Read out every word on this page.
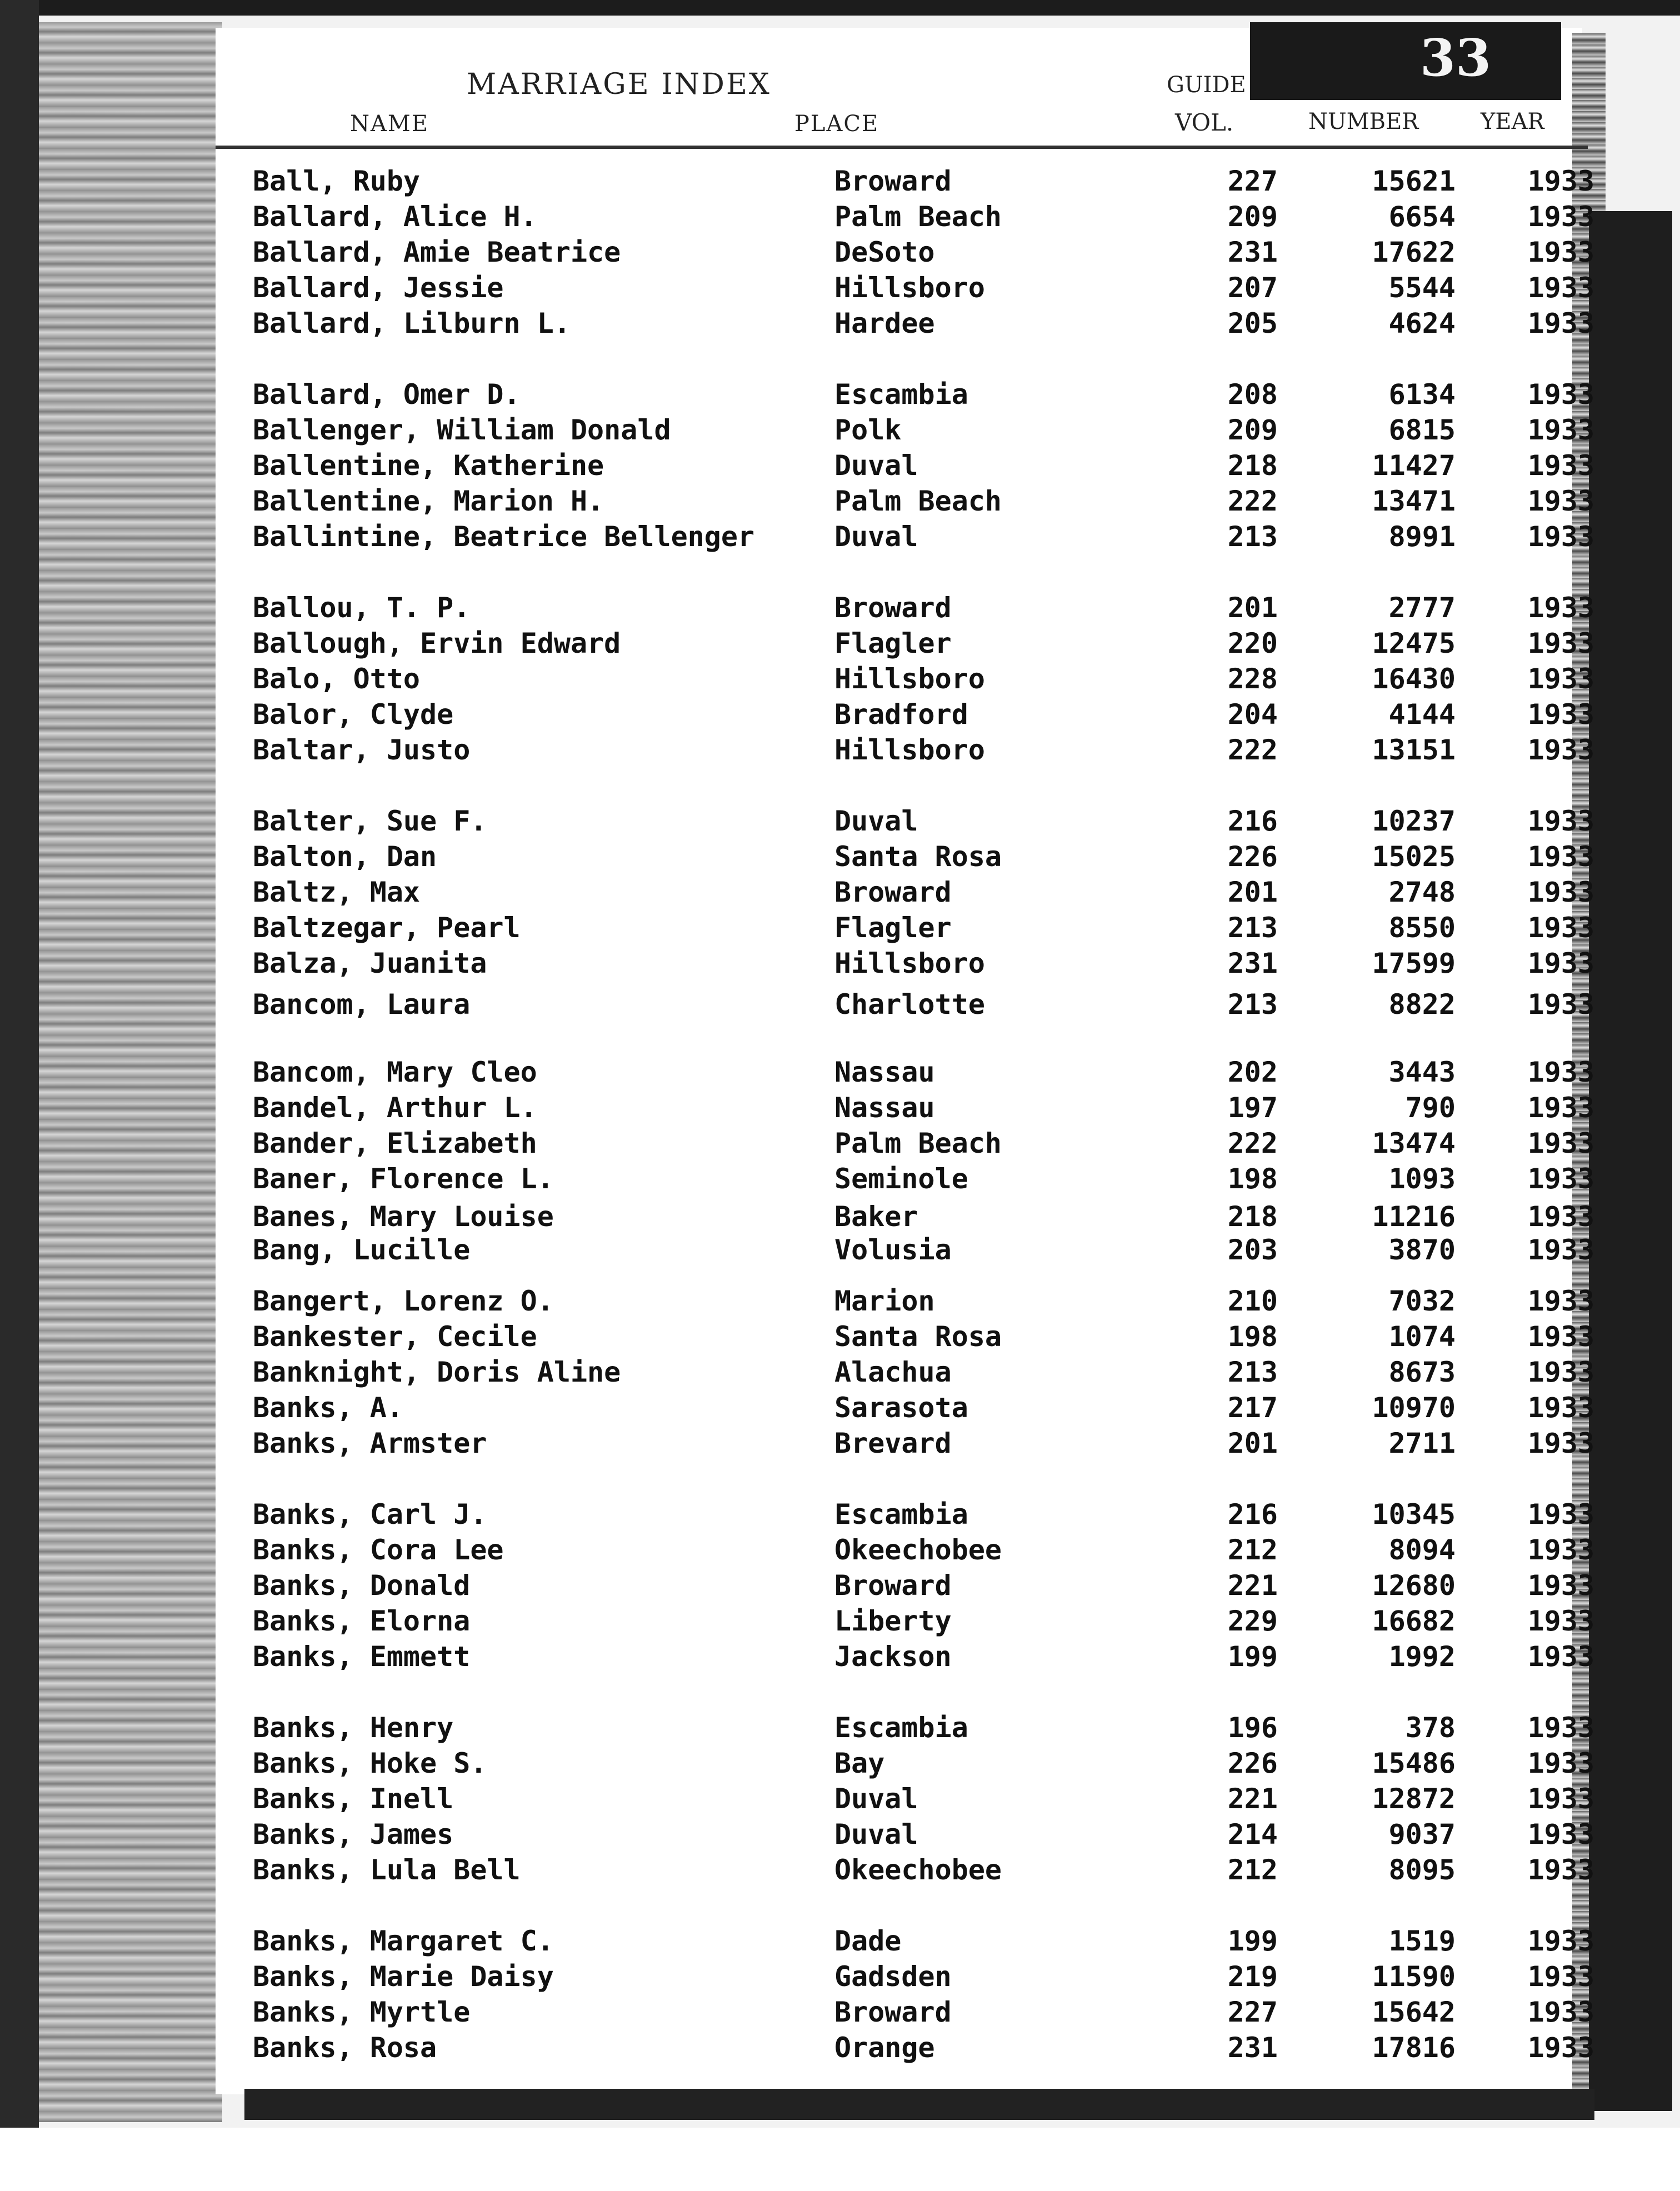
33
MARRIAGE INDEX	GUIDE
NAME	PLACE	VOL.	NUMBER	YEAR
Ball, Ruby	Broward	227	15621	1933
Ballard, Alice H.	Palm Beach	209	6654	1933
Ballard, Amie Beatrice	DeSoto	231	17622	1933
Ballard, Jessie	Hillsboro	207	5544	1933
Ballard, Lilburn L.	Hardee	205	4624	1933
Ballard, Omer D.	Escambia	208	6134	1933
Ballenger, William Donald	Polk	209	6815	1933
Ballentine, Katherine	Duval	218	11427	1933
Ballentine, Marion H.	Palm Beach	222	13471	1933
Ballintine, Beatrice Bellenger	Duval	213	8991	1933
Ballou, T. P.	Broward	201	2777	1933
Ballough, Ervin Edward	Flagler	220	12475	1933
Balo, Otto	Hillsboro	228	16430	1933
Balor, Clyde	Bradford	204	4144	1933
Baltar, Justo	Hillsboro	222	13151	1933
Balter, Sue F.	Duval	216	10237	1933
Balton, Dan	Santa Rosa	226	15025	1933
Baltz, Max	Broward	201	2748	1933
Baltzegar, Pearl	Flagler	213	8550	1933
Balza, Juanita	Hillsboro	231	17599	1933
Bancom, Laura	Charlotte	213	8822	1933
Bancom, Mary Cleo	Nassau	202	3443	1933
Bandel, Arthur L.	Nassau	197	790	1933
Bander, Elizabeth	Palm Beach	222	13474	1933
Baner, Florence L.	Seminole	198	1093	1933
Banes, Mary Louise	Baker	218	11216	1933
Bang, Lucille	Volusia	203	3870	1933
Bangert, Lorenz O.	Marion	210	7032	1933
Bankester, Cecile	Santa Rosa	198	1074	1933
Banknight, Doris Aline	Alachua	213	8673	1933
Banks, A.	Sarasota	217	10970	1933
Banks, Armster	Brevard	201	2711	1933
Banks, Carl J.	Escambia	216	10345	1933
Banks, Cora Lee	Okeechobee	212	8094	1933
Banks, Donald	Broward	221	12680	1933
Banks, Elorna	Liberty	229	16682	1933
Banks, Emmett	Jackson	199	1992	1933
Banks, Henry	Escambia	196	378	1933
Banks, Hoke S.	Bay	226	15486	1933
Banks, Inell	Duval	221	12872	1933
Banks, James	Duval	214	9037	1933
Banks, Lula Bell	Okeechobee	212	8095	1933
Banks, Margaret C.	Dade	199	1519	1933
Banks, Marie Daisy	Gadsden	219	11590	1933
Banks, Myrtle	Broward	227	15642	1933
Banks, Rosa	Orange	231	17816	1933
